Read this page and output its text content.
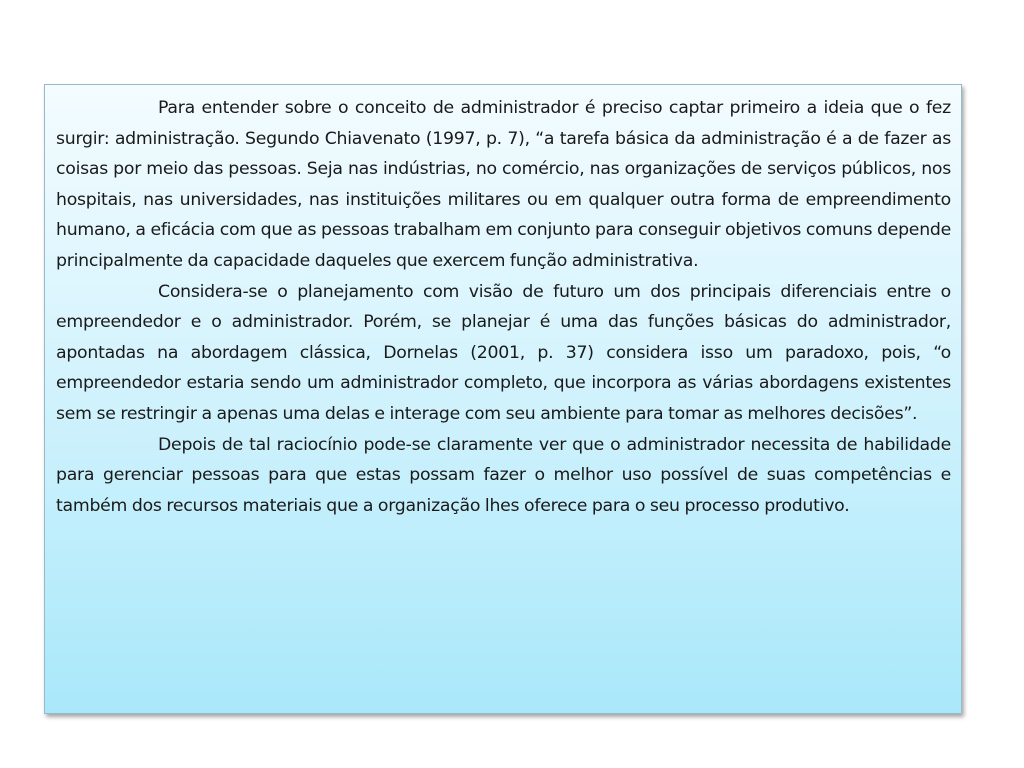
Para entender sobre o conceito de administrador é preciso captar primeiro a ideia que o fez surgir: administração. Segundo Chiavenato (1997, p. 7), “a tarefa básica da administração é a de fazer as coisas por meio das pessoas. Seja nas indústrias, no comércio, nas organizações de serviços públicos, nos hospitais, nas universidades, nas instituições militares ou em qualquer outra forma de empreendimento humano, a eficácia com que as pessoas trabalham em conjunto para conseguir objetivos comuns depende principalmente da capacidade daqueles que exercem função administrativa.

Considera-se o planejamento com visão de futuro um dos principais diferenciais entre o empreendedor e o administrador. Porém, se planejar é uma das funções básicas do administrador, apontadas na abordagem clássica, Dornelas (2001, p. 37) considera isso um paradoxo, pois, “o empreendedor estaria sendo um administrador completo, que incorpora as várias abordagens existentes sem se restringir a apenas uma delas e interage com seu ambiente para tomar as melhores decisões”.

Depois de tal raciocínio pode-se claramente ver que o administrador necessita de habilidade para gerenciar pessoas para que estas possam fazer o melhor uso possível de suas competências e também dos recursos materiais que a organização lhes oferece para o seu processo produtivo.
